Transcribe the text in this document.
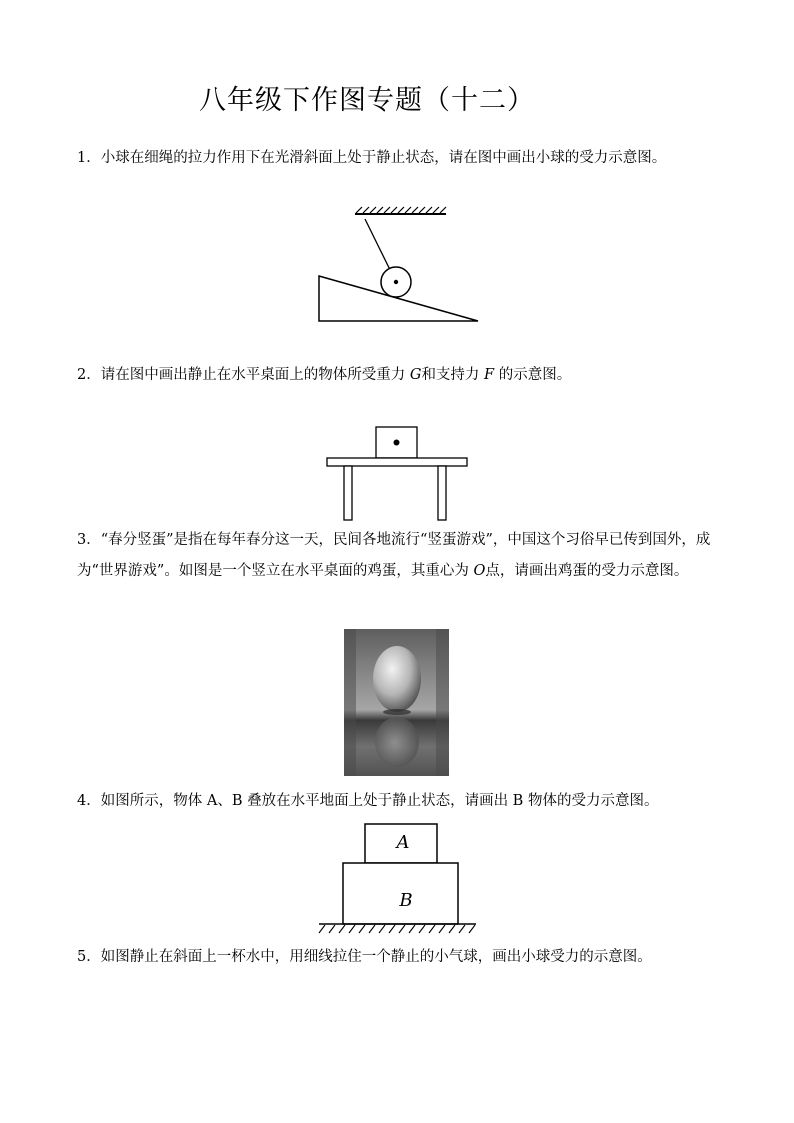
八年级下作图专题（十二）
1．小球在细绳的拉力作用下在光滑斜面上处于静止状态，请在图中画出小球的受力示意图。
2．请在图中画出静止在水平桌面上的物体所受重力 G和支持力 F 的示意图。
3．“春分竖蛋”是指在每年春分这一天，民间各地流行“竖蛋游戏”，中国这个习俗早已传到国外，成为“世界游戏”。如图是一个竖立在水平桌面的鸡蛋，其重心为 O点，请画出鸡蛋的受力示意图。
4．如图所示，物体 A、B 叠放在水平地面上处于静止状态，请画出 B 物体的受力示意图。
A
B
5．如图静止在斜面上一杯水中，用细线拉住一个静止的小气球，画出小球受力的示意图。
